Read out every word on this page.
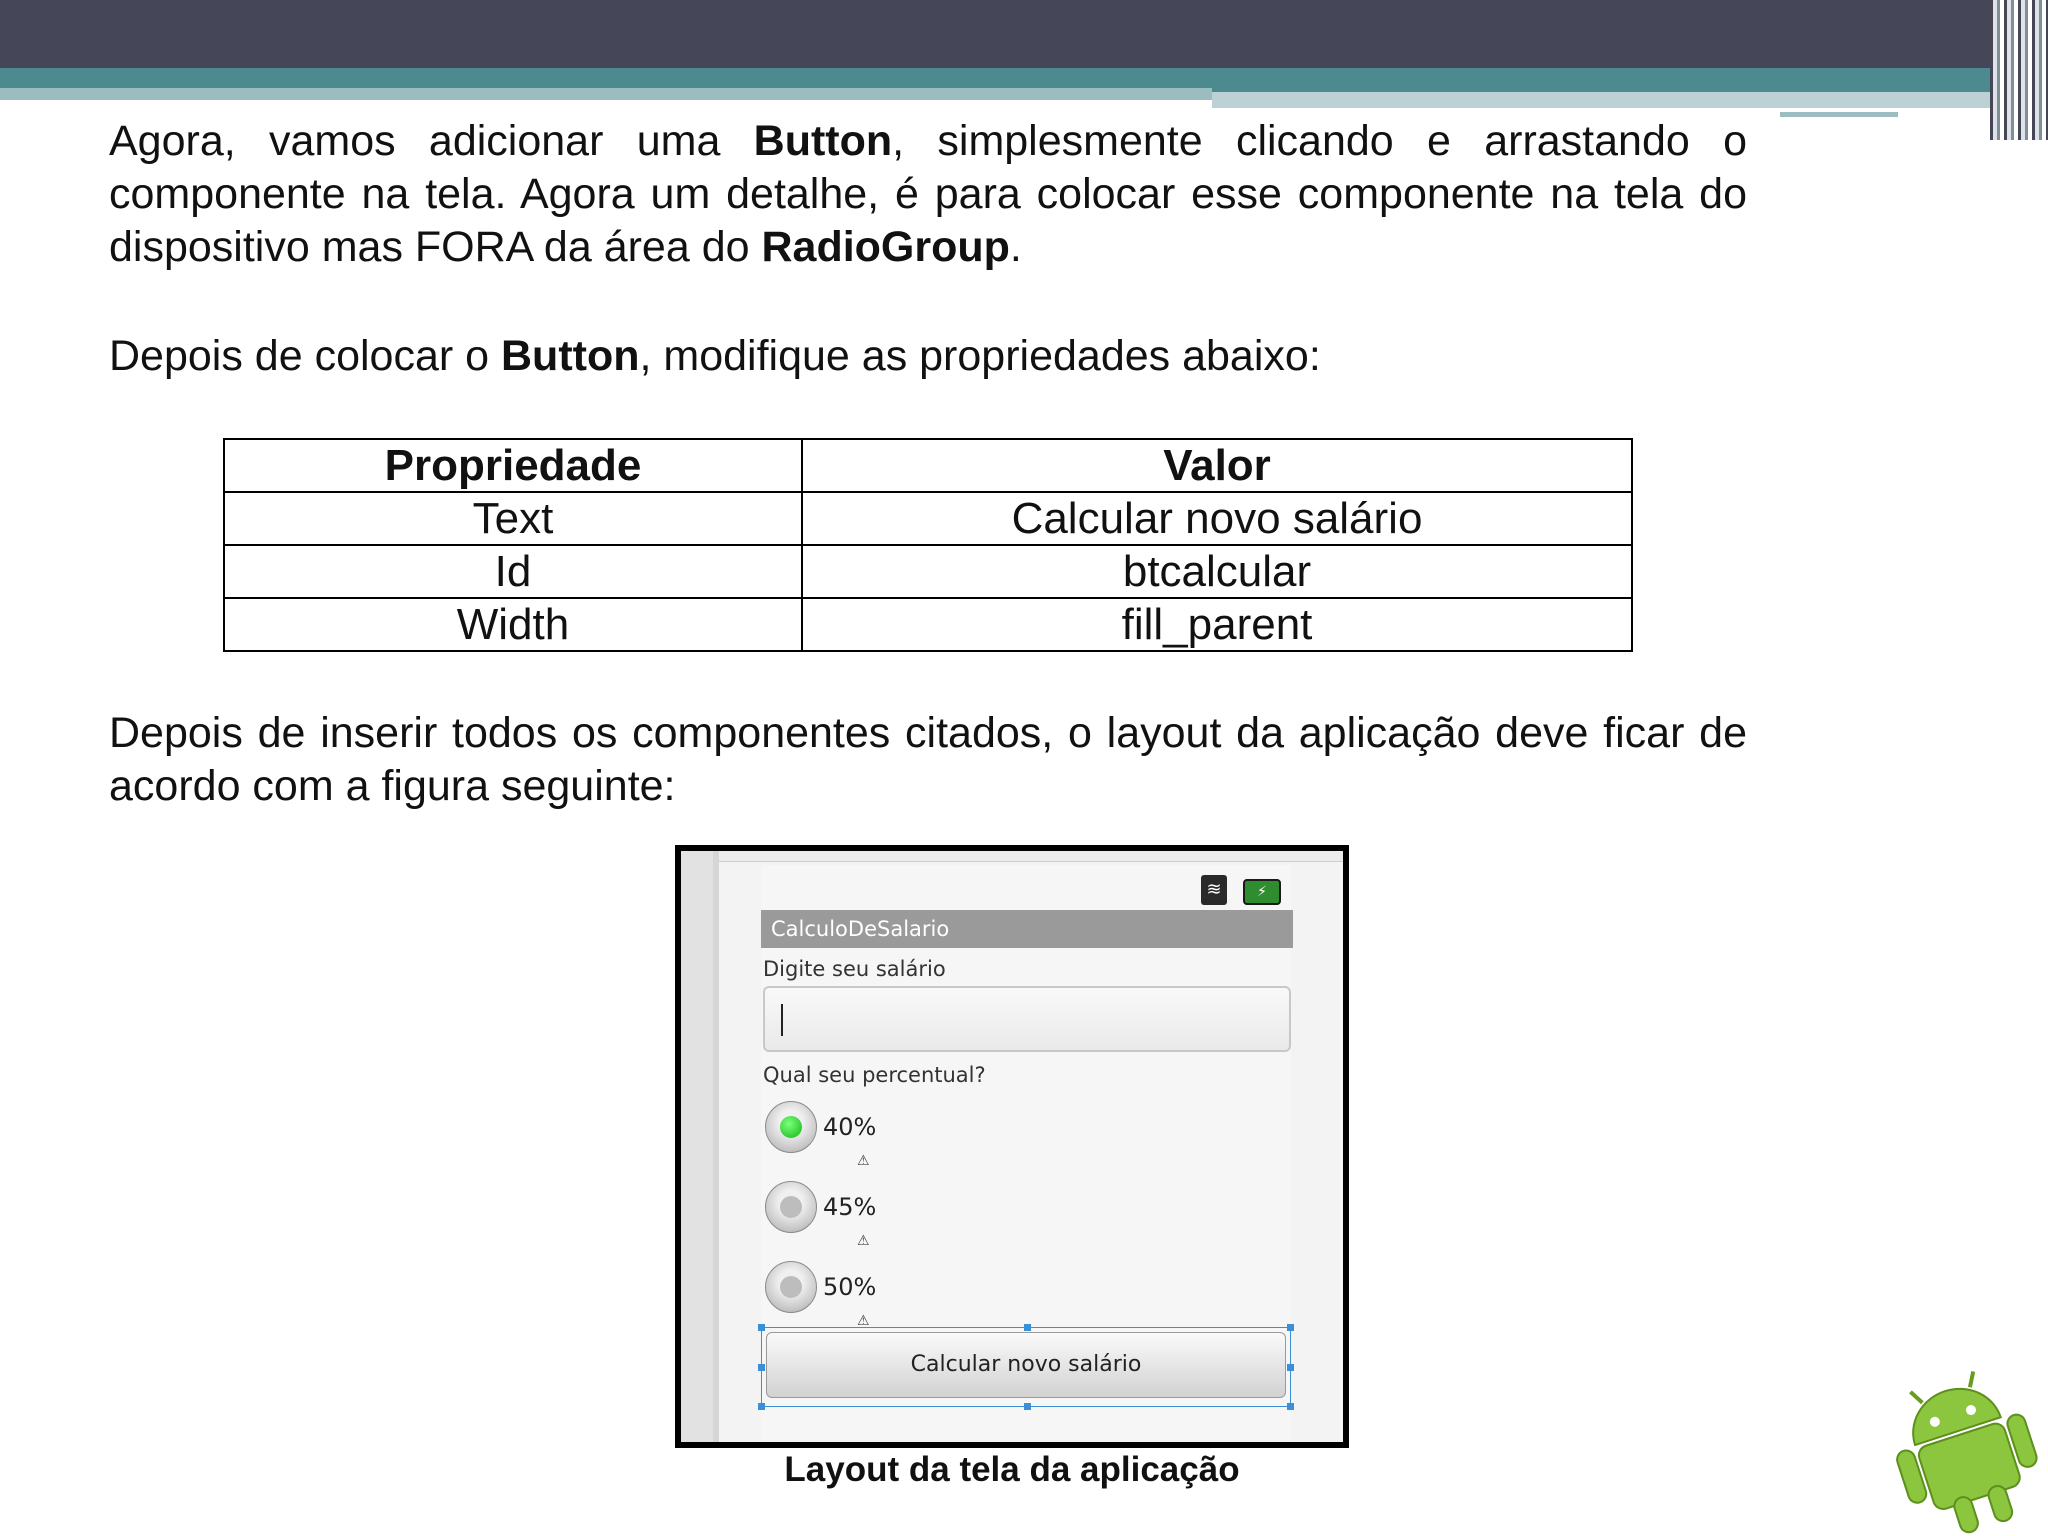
Agora, vamos adicionar uma Button, simplesmente clicando e arrastando o componente na tela. Agora um detalhe, é para colocar esse componente na tela do dispositivo mas FORA da área do RadioGroup.

Depois de colocar o Button, modifique as propriedades abaixo:

Propriedade	Valor
Text	Calcular novo salário
Id	btcalcular
Width	fill_parent

Depois de inserir todos os componentes citados, o layout da aplicação deve ficar de acordo com a figura seguinte:

≋	⚡
CalculoDeSalario
Digite seu salário
Qual seu percentual?
40%
⚠
45%
⚠
50%
⚠
Calcular novo salário
Layout da tela da aplicação
